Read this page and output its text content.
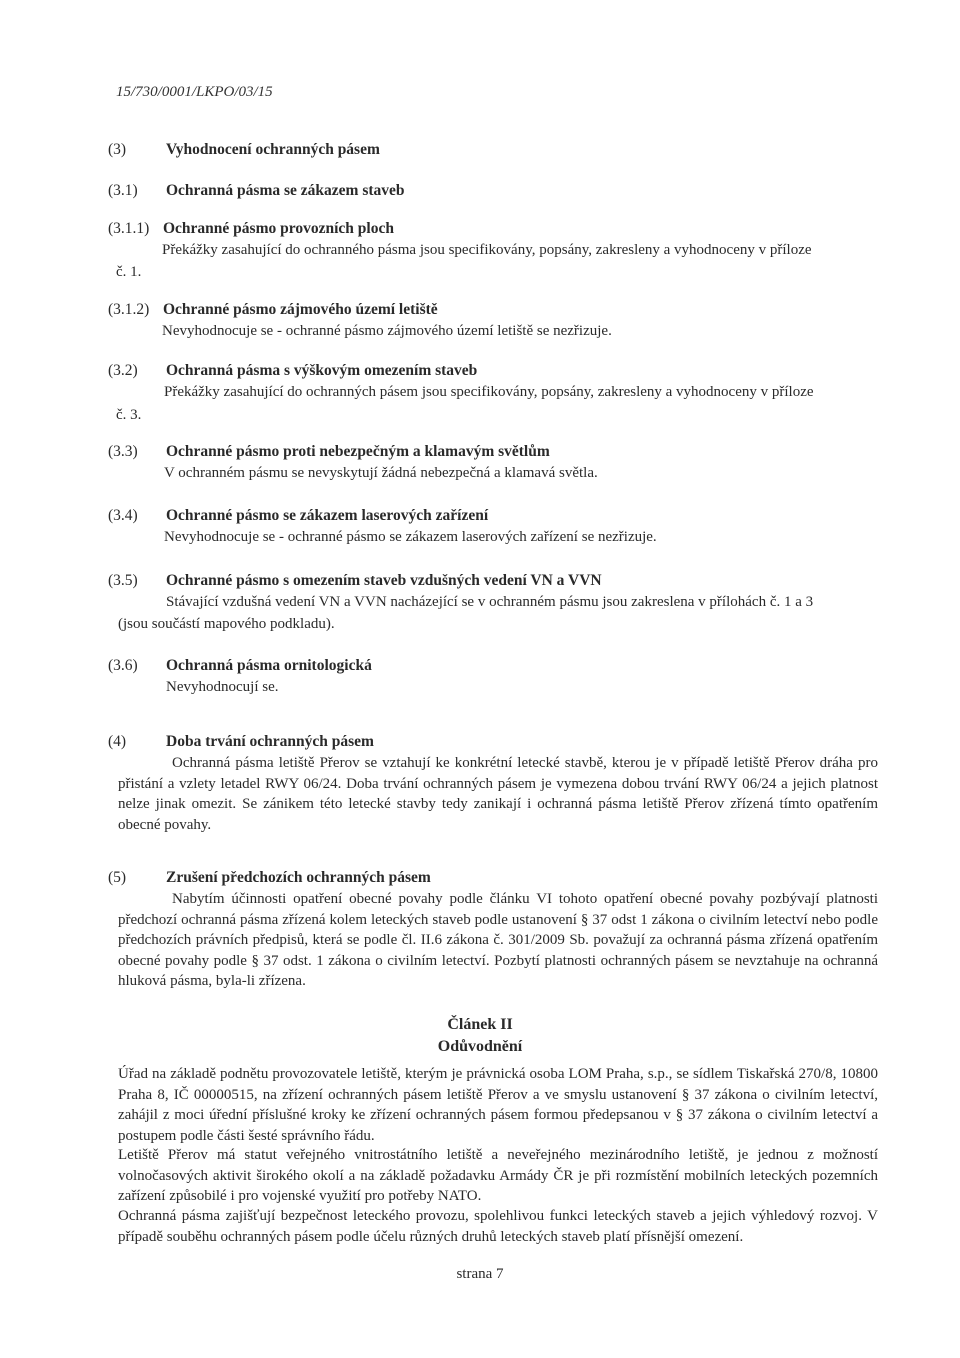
15/730/0001/LKPO/03/15
(3)	Vyhodnocení ochranných pásem
(3.1) Ochranná pásma se zákazem staveb
(3.1.1) Ochranné pásmo provozních ploch
Překážky zasahující do ochranného pásma jsou specifikovány, popsány, zakresleny a vyhodnoceny v příloze
č. 1.
(3.1.2) Ochranné pásmo zájmového území letiště
Nevyhodnocuje se - ochranné pásmo zájmového území letiště se nezřizuje.
(3.2) Ochranná pásma s výškovým omezením staveb
Překážky zasahující do ochranných pásem jsou specifikovány, popsány, zakresleny a vyhodnoceny v příloze
č. 3.
(3.3) Ochranné pásmo proti nebezpečným a klamavým světlům
V ochranném pásmu se nevyskytují žádná nebezpečná a klamavá světla.
(3.4) Ochranné pásmo se zákazem laserových zařízení
Nevyhodnocuje se - ochranné pásmo se zákazem laserových zařízení se nezřizuje.
(3.5) Ochranné pásmo s omezením staveb vzdušných vedení VN a VVN
Stávající vzdušná vedení VN a VVN nacházející se v ochranném pásmu jsou zakreslena v přílohách č. 1 a 3
(jsou součástí mapového podkladu).
(3.6) Ochranná pásma ornitologická
Nevyhodnocují se.
(4)	Doba trvání ochranných pásem
Ochranná pásma letiště Přerov se vztahují ke konkrétní letecké stavbě, kterou je v případě letiště Přerov dráha pro přistání a vzlety letadel RWY 06/24. Doba trvání ochranných pásem je vymezena dobou trvání RWY 06/24 a jejich platnost nelze jinak omezit. Se zánikem této letecké stavby tedy zanikají i ochranná pásma letiště Přerov zřízená tímto opatřením obecné povahy.
(5)	Zrušení předchozích ochranných pásem
Nabytím účinnosti opatření obecné povahy podle článku VI tohoto opatření obecné povahy pozbývají platnosti předchozí ochranná pásma zřízená kolem leteckých staveb podle ustanovení § 37 odst 1 zákona o civilním letectví nebo podle předchozích právních předpisů, která se podle čl. II.6 zákona č. 301/2009 Sb. považují za ochranná pásma zřízená opatřením obecné povahy podle § 37 odst. 1 zákona o civilním letectví. Pozbytí platnosti ochranných pásem se nevztahuje na ochranná hluková pásma, byla-li zřízena.
Článek II
Odůvodnění
Úřad na základě podnětu provozovatele letiště, kterým je právnická osoba LOM Praha, s.p., se sídlem Tiskařská 270/8, 10800 Praha 8, IČ 00000515, na zřízení ochranných pásem letiště Přerov a ve smyslu ustanovení § 37 zákona o civilním letectví, zahájil z moci úřední příslušné kroky ke zřízení ochranných pásem formou předepsanou v § 37 zákona o civilním letectví a postupem podle části šesté správního řádu.
Letiště Přerov má statut veřejného vnitrostátního letiště a neveřejného mezinárodního letiště, je jednou z možností volnočasových aktivit širokého okolí a na základě požadavku Armády ČR je při rozmístění mobilních leteckých pozemních zařízení způsobilé i pro vojenské využití pro potřeby NATO.
Ochranná pásma zajišťují bezpečnost leteckého provozu, spolehlivou funkci leteckých staveb a jejich výhledový rozvoj. V případě souběhu ochranných pásem podle účelu různých druhů leteckých staveb platí přísnější omezení.
strana 7
